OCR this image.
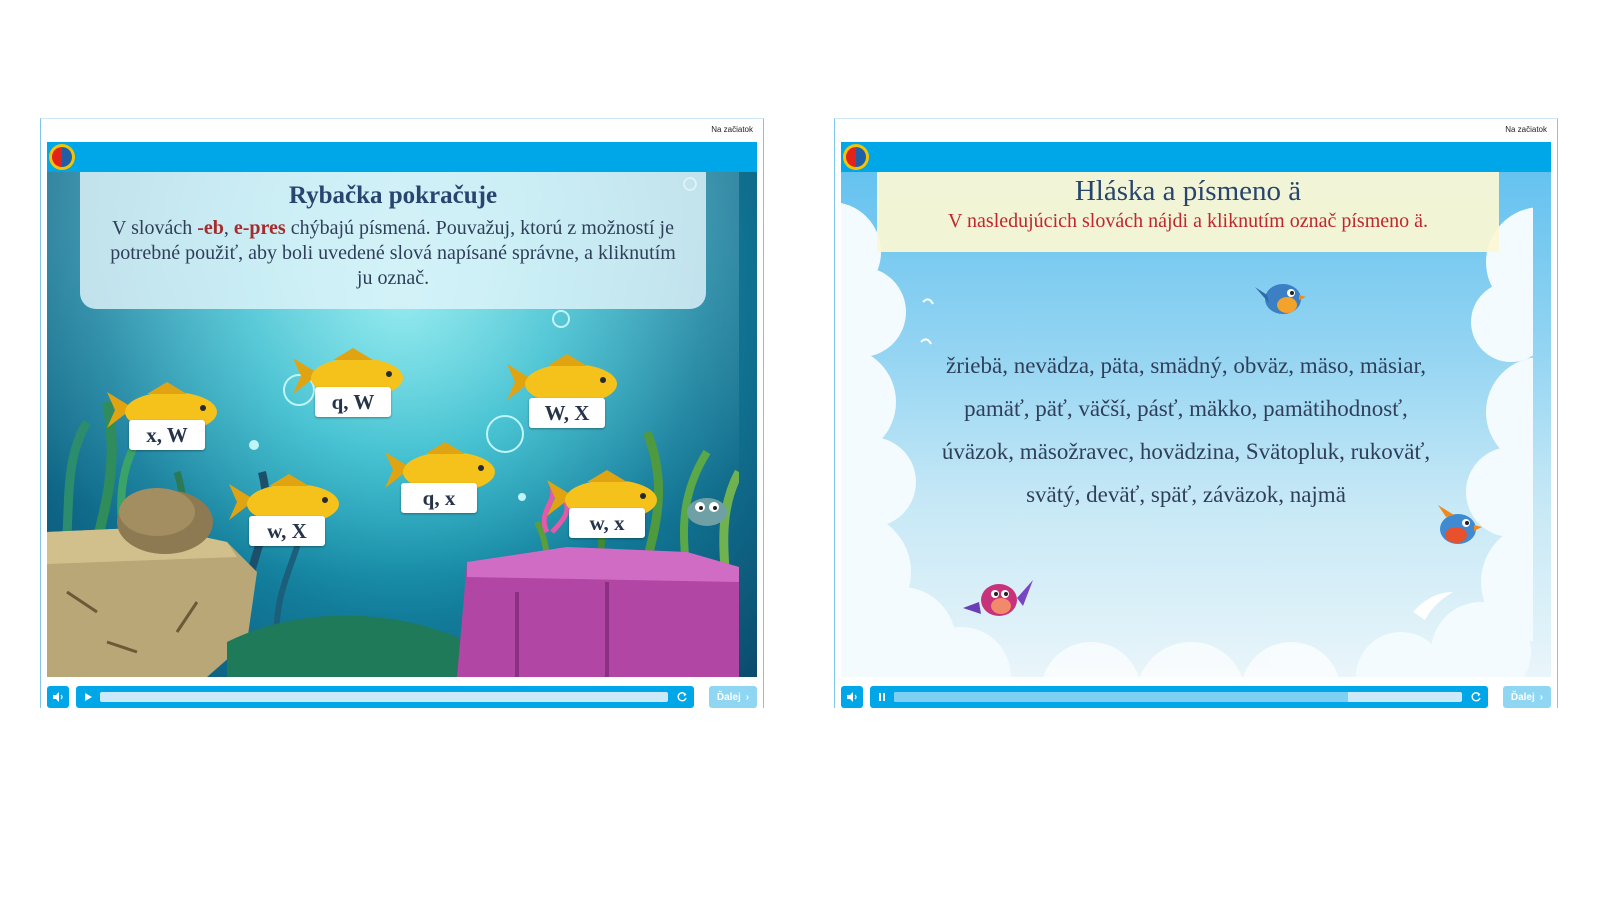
Na začiatok
Rybačka pokračuje
V slovách -eb, e-pres chýbajú písmená. Pouvažuj, ktorú z možností je potrebné použiť, aby boli uvedené slová napísané správne, a kliknutím ju označ.
x, W
q, W	W, X
w, X
q, x
w, x
Ďalej ›
Na začiatok
Hláska a písmeno ä
V nasledujúcich slovách nájdi a kliknutím označ písmeno ä.
žriebä, nevädza, päta, smädný, obväz, mäso, mäsiar,
pamäť, päť, väčší, pásť, mäkko, pamätihodnosť,
úväzok, mäsožravec, hovädzina, Svätopluk, rukoväť,
svätý, deväť, späť, záväzok, najmä
Ďalej ›
